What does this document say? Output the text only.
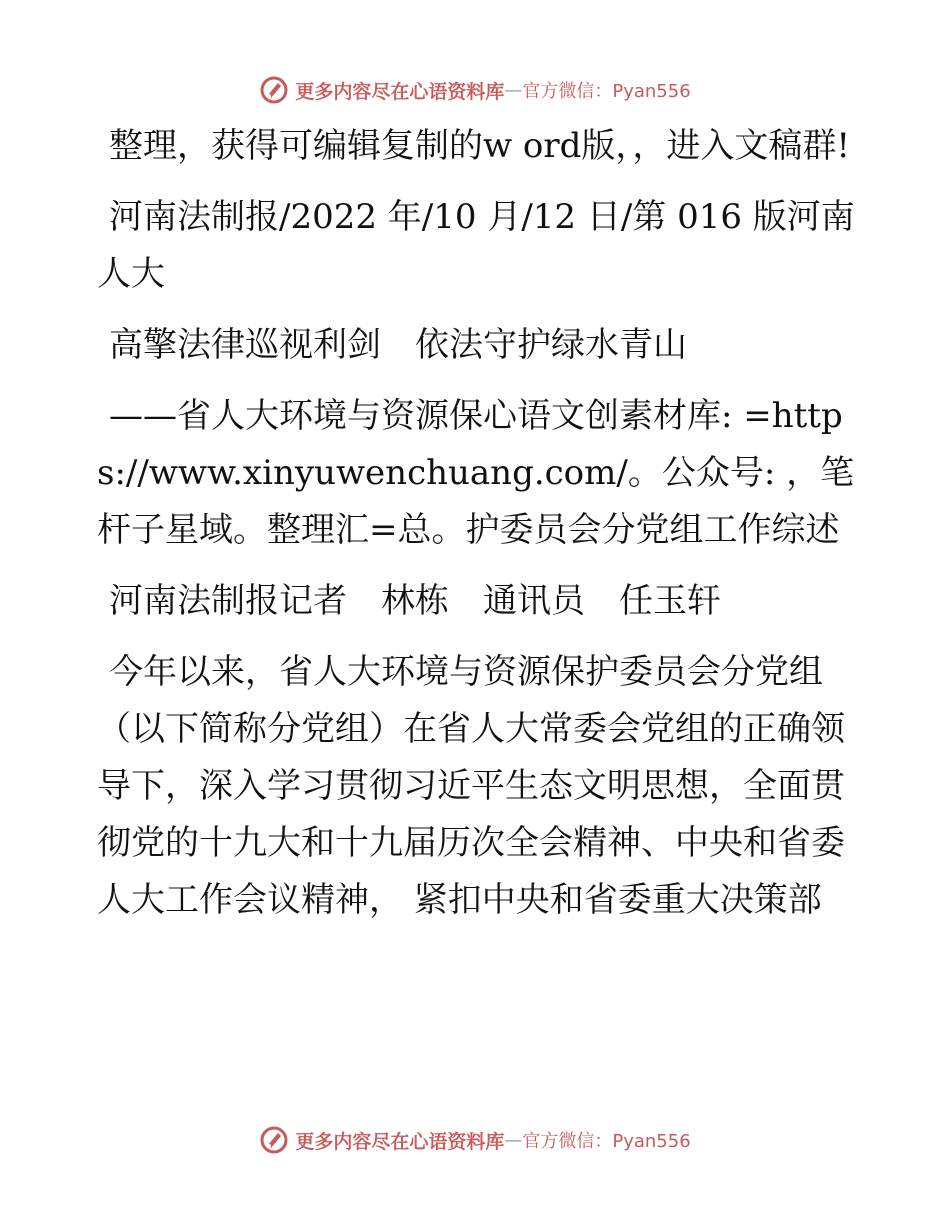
更多内容尽在心语资料库 — 官方微信：Pyan556

整理，获得可编辑复制的w ord版，，进入文稿群!

河南法制报/2022 年/10 月/12 日/第 016 版河南人大

高擎法律巡视利剑　依法守护绿水青山

——省人大环境与资源保心语文创素材库: =https://www.xinyuwenchuang.com/。公众号: ，笔杆子星域。整理汇=总。护委员会分党组工作综述

河南法制报记者　林栋　通讯员　任玉轩

今年以来，省人大环境与资源保护委员会分党组（以下简称分党组）在省人大常委会党组的正确领导下，深入学习贯彻习近平生态文明思想，全面贯彻党的十九大和十九届历次全会精神、中央和省委人大工作会议精神， 紧扣中央和省委重大决策部

更多内容尽在心语资料库 — 官方微信：Pyan556
